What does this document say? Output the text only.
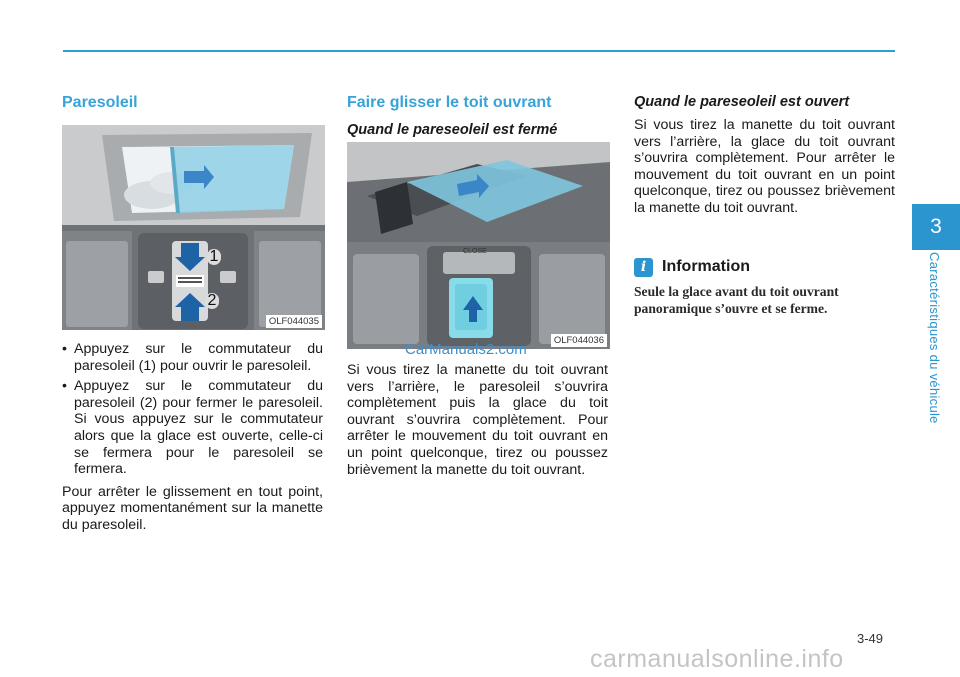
Paresoleil
1
2
OLF044035
• Appuyez sur le commutateur du paresoleil (1) pour ouvrir le paresoleil.
• Appuyez sur le commutateur du paresoleil (2) pour fermer le paresoleil. Si vous appuyez sur le commutateur alors que la glace est ouverte, celle-ci se fermera pour le paresoleil se fermera.

Pour arrêter le glissement en tout point, appuyez momentanément sur la manette du paresoleil.

Faire glisser le toit ouvrant
Quand le pareseoleil est fermé
CLOSE
OLF044036
CarManuals2.com

Si vous tirez la manette du toit ouvrant vers l’arrière, le paresoleil s’ouvrira complètement puis la glace du toit ouvrant s’ouvrira complètement. Pour arrêter le mouvement du toit ouvrant en un point quelconque, tirez ou poussez brièvement la manette du toit ouvrant.

Quand le pareseoleil est ouvert

Si vous tirez la manette du toit ouvrant vers l’arrière, la glace du toit ouvrant s’ouvrira complètement. Pour arrêter le mouvement du toit ouvrant en un point quelconque, tirez ou poussez brièvement la manette du toit ouvrant.

i Information

Seule la glace avant du toit ouvrant panoramique s’ouvre et se ferme.

3
Caractéristiques du véhicule
3-49
carmanualsonline.info
